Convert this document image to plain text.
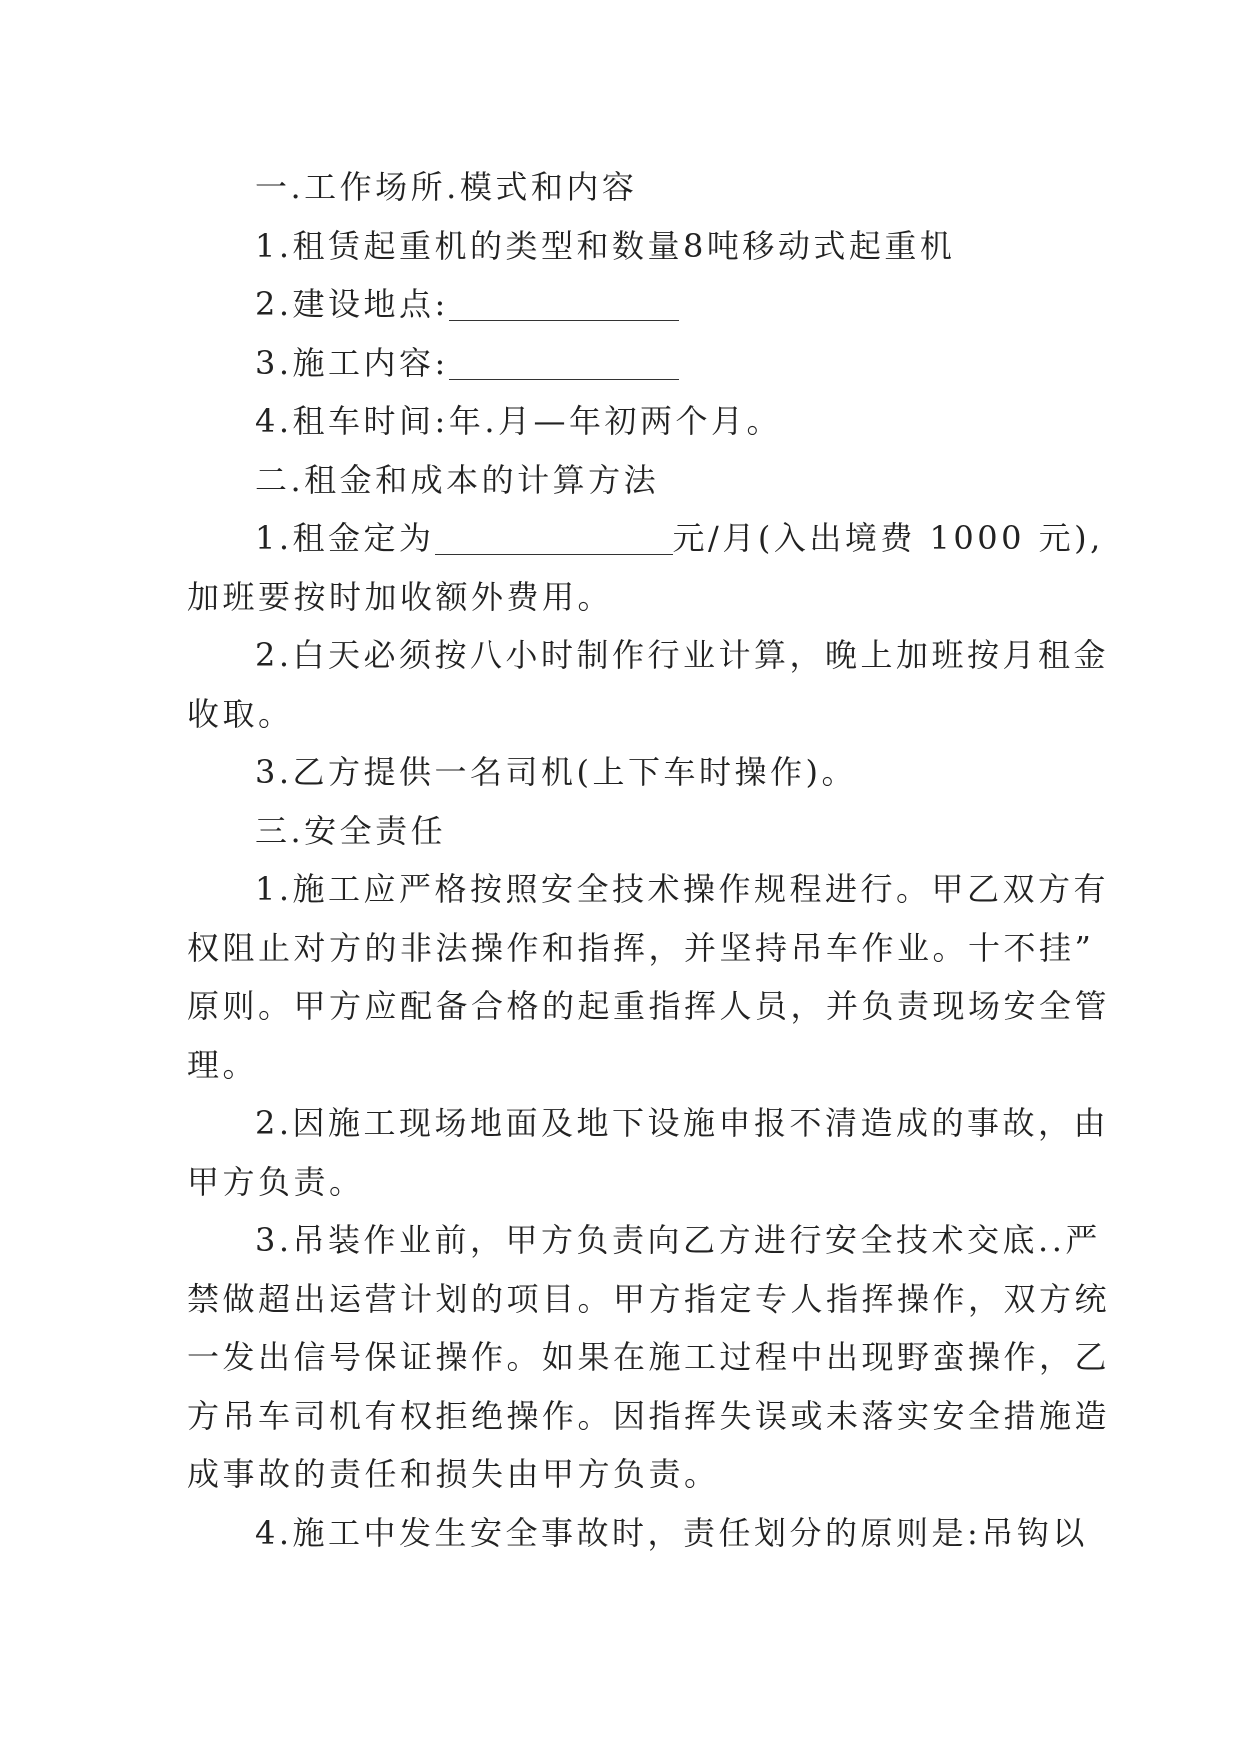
一.工作场所.模式和内容
1.租赁起重机的类型和数量8吨移动式起重机
2.建设地点:
3.施工内容:
4.租车时间:年.月—年初两个月。
二.租金和成本的计算方法
1.租金定为	元/月(入出境费 1000 元),
加班要按时加收额外费用。
2.白天必须按八小时制作行业计算，晚上加班按月租金
收取。
3.乙方提供一名司机(上下车时操作)。
三.安全责任
1.施工应严格按照安全技术操作规程进行。甲乙双方有
权阻止对方的非法操作和指挥，并坚持吊车作业。十不挂”
原则。甲方应配备合格的起重指挥人员，并负责现场安全管
理。
2.因施工现场地面及地下设施申报不清造成的事故，由
甲方负责。
3.吊装作业前，甲方负责向乙方进行安全技术交底..严
禁做超出运营计划的项目。甲方指定专人指挥操作，双方统
一发出信号保证操作。如果在施工过程中出现野蛮操作，乙
方吊车司机有权拒绝操作。因指挥失误或未落实安全措施造
成事故的责任和损失由甲方负责。
4.施工中发生安全事故时，责任划分的原则是:吊钩以
